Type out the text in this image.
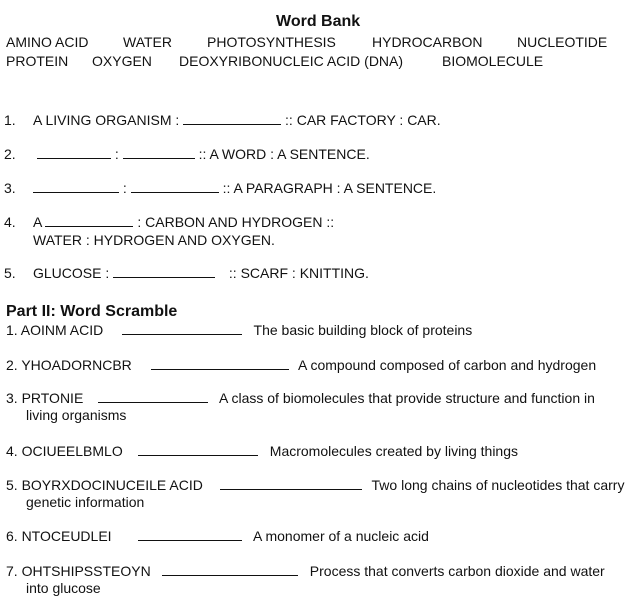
Word Bank
AMINO ACID WATER	PHOTOSYNTHESIS	HYDROCARBON NUCLEOTIDE
PROTEIN OXYGEN DEOXYRIBONUCLEIC ACID (DNA)	BIOMOLECULE
1. A LIVING ORGANISM :	:: CAR FACTORY : CAR.
2.	:	:: A WORD : A SENTENCE.
3.	:	:: A PARAGRAPH : A SENTENCE.
4. A	: CARBON AND HYDROGEN ::
WATER : HYDROGEN AND OXYGEN.
5. GLUCOSE :	:: SCARF : KNITTING.
Part II: Word Scramble
1. AOINM ACID	The basic building block of proteins
2. YHOADORNCBR	A compound composed of carbon and hydrogen
3. PRTONIE	A class of biomolecules that provide structure and function in
living organisms
4. OCIUEELBMLO	Macromolecules created by living things
5. BOYRXDOCINUCEILE ACID	Two long chains of nucleotides that carry
genetic information
6. NTOCEUDLEI	A monomer of a nucleic acid
7. OHTSHIPSSTEOYN	Process that converts carbon dioxide and water
into glucose
